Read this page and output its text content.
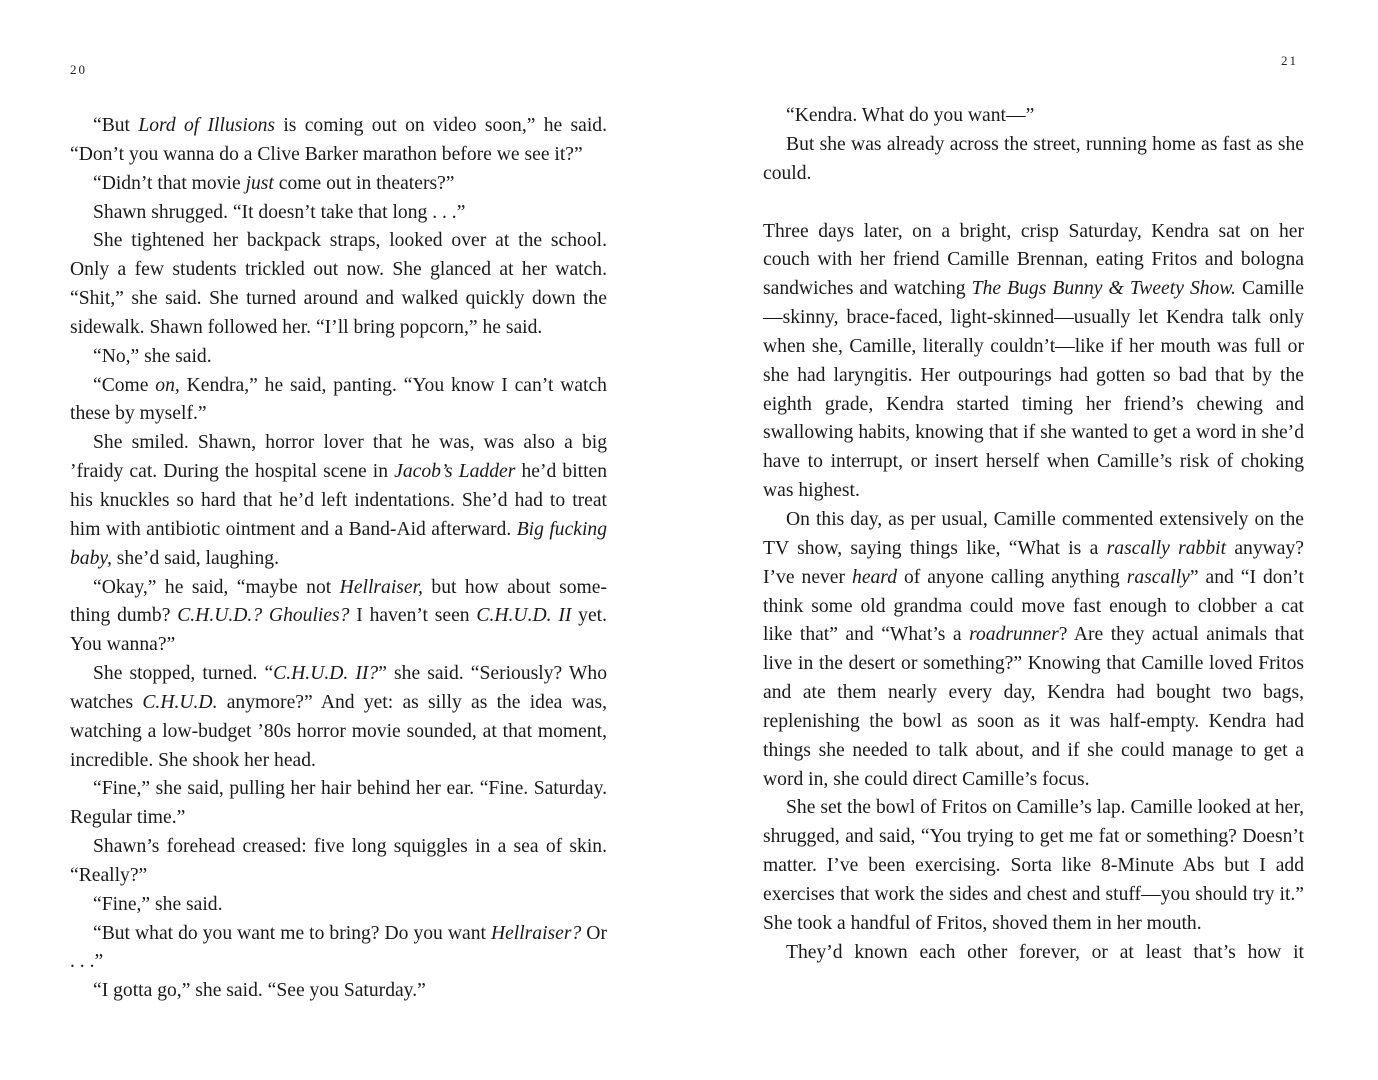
20

“But Lord of Illusions is coming out on video soon,” he said. “Don’t you wanna do a Clive Barker marathon before we see it?”

“Didn’t that movie just come out in theaters?”

Shawn shrugged. “It doesn’t take that long . . .”

She tightened her backpack straps, looked over at the school. Only a few students trickled out now. She glanced at her watch. “Shit,” she said. She turned around and walked quickly down the sidewalk. Shawn followed her. “I’ll bring popcorn,” he said.

“No,” she said.

“Come on, Kendra,” he said, panting. “You know I can’t watch these by myself.”

She smiled. Shawn, horror lover that he was, was also a big ’fraidy cat. During the hospital scene in Jacob’s Ladder he’d bitten his knuckles so hard that he’d left indentations. She’d had to treat him with antibiotic ointment and a Band-Aid afterward. Big fucking baby, she’d said, laughing.

“Okay,” he said, “maybe not Hellraiser, but how about something dumb? C.H.U.D.? Ghoulies? I haven’t seen C.H.U.D. II yet. You wanna?”

She stopped, turned. “C.H.U.D. II?” she said. “Seriously? Who watches C.H.U.D. anymore?” And yet: as silly as the idea was, watching a low-budget ’80s horror movie sounded, at that moment, incredible. She shook her head.

“Fine,” she said, pulling her hair behind her ear. “Fine. Saturday. Regular time.”

Shawn’s forehead creased: five long squiggles in a sea of skin. “Really?”

“Fine,” she said.

“But what do you want me to bring? Do you want Hellraiser? Or . . .”

“I gotta go,” she said. “See you Saturday.”

21

“Kendra. What do you want—”

But she was already across the street, running home as fast as she could.

Three days later, on a bright, crisp Saturday, Kendra sat on her couch with her friend Camille Brennan, eating Fritos and bologna sandwiches and watching The Bugs Bunny & Tweety Show. Camille—skinny, brace-faced, light-skinned—usually let Kendra talk only when she, Camille, literally couldn’t—like if her mouth was full or she had laryngitis. Her outpourings had gotten so bad that by the eighth grade, Kendra started timing her friend’s chewing and swallowing habits, knowing that if she wanted to get a word in she’d have to interrupt, or insert herself when Camille’s risk of choking was highest.

On this day, as per usual, Camille commented extensively on the TV show, saying things like, “What is a rascally rabbit anyway? I’ve never heard of anyone calling anything rascally” and “I don’t think some old grandma could move fast enough to clobber a cat like that” and “What’s a roadrunner? Are they actual animals that live in the desert or something?” Knowing that Camille loved Fritos and ate them nearly every day, Kendra had bought two bags, replenishing the bowl as soon as it was half-empty. Kendra had things she needed to talk about, and if she could manage to get a word in, she could direct Camille’s focus.

She set the bowl of Fritos on Camille’s lap. Camille looked at her, shrugged, and said, “You trying to get me fat or something? Doesn’t matter. I’ve been exercising. Sorta like 8-Minute Abs but I add exercises that work the sides and chest and stuff—you should try it.” She took a handful of Fritos, shoved them in her mouth.

They’d known each other forever, or at least that’s how it
